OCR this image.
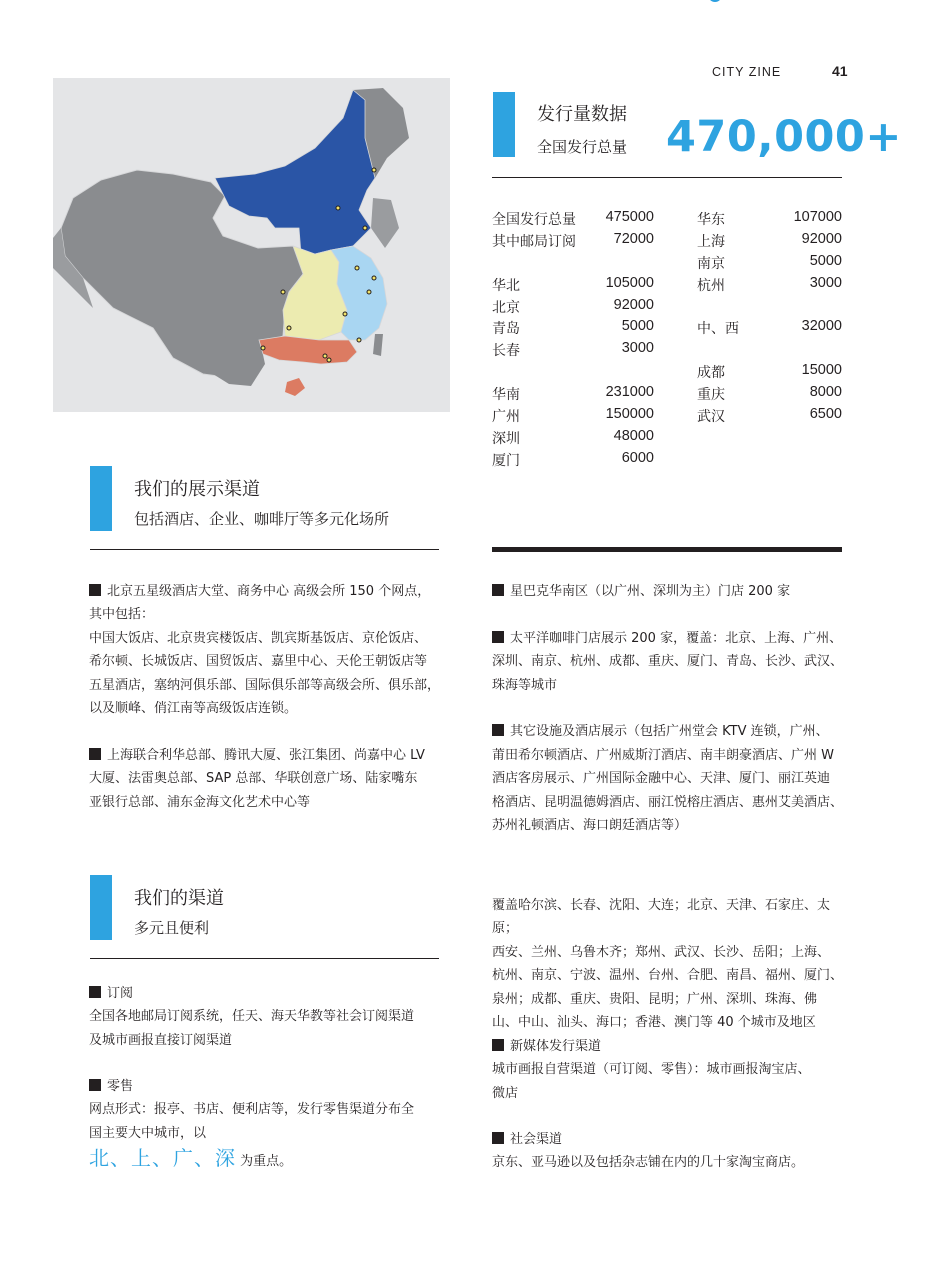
CITY ZINE	41
发行量数据
全国发行总量 470,000+
全国发行总量	475000
其中邮局订阅	72000
华北	105000
北京	92000
青岛	5000
长春	3000
华南	231000
广州	150000
深圳	48000
厦门	6000
华东	107000
上海	92000
南京	5000
杭州	3000
中、西	32000
成都	15000
重庆	8000
武汉	6500
我们的展示渠道
包括酒店、企业、咖啡厅等多元化场所
北京五星级酒店大堂、商务中心 高级会所 150 个网点，
其中包括：
中国大饭店、北京贵宾楼饭店、凯宾斯基饭店、京伦饭店、
希尔顿、长城饭店、国贸饭店、嘉里中心、天伦王朝饭店等
五星酒店，塞纳河俱乐部、国际俱乐部等高级会所、俱乐部，
以及顺峰、俏江南等高级饭店连锁。
上海联合利华总部、腾讯大厦、张江集团、尚嘉中心 LV
大厦、法雷奥总部、SAP 总部、华联创意广场、陆家嘴东
亚银行总部、浦东金海文化艺术中心等
星巴克华南区（以广州、深圳为主）门店 200 家
太平洋咖啡门店展示 200 家，覆盖：北京、上海、广州、
深圳、南京、杭州、成都、重庆、厦门、青岛、长沙、武汉、
珠海等城市
其它设施及酒店展示（包括广州堂会 KTV 连锁，广州、
莆田希尔顿酒店、广州威斯汀酒店、南丰朗豪酒店、广州 W
酒店客房展示、广州国际金融中心、天津、厦门、丽江英迪
格酒店、昆明温德姆酒店、丽江悦榕庄酒店、惠州艾美酒店、
苏州礼顿酒店、海口朗廷酒店等）
我们的渠道
多元且便利
订阅
全国各地邮局订阅系统，任天、海天华教等社会订阅渠道
及城市画报直接订阅渠道
零售
网点形式：报亭、书店、便利店等，发行零售渠道分布全
国主要大中城市，以
北、上、广、深 为重点。
覆盖哈尔滨、长春、沈阳、大连；北京、天津、石家庄、太原；
西安、兰州、乌鲁木齐；郑州、武汉、长沙、岳阳；上海、
杭州、南京、宁波、温州、台州、合肥、南昌、福州、厦门、
泉州；成都、重庆、贵阳、昆明；广州、深圳、珠海、佛
山、中山、汕头、海口；香港、澳门等 40 个城市及地区
新媒体发行渠道
城市画报自营渠道（可订阅、零售）：城市画报淘宝店、
微店
社会渠道
京东、亚马逊以及包括杂志铺在内的几十家淘宝商店。
